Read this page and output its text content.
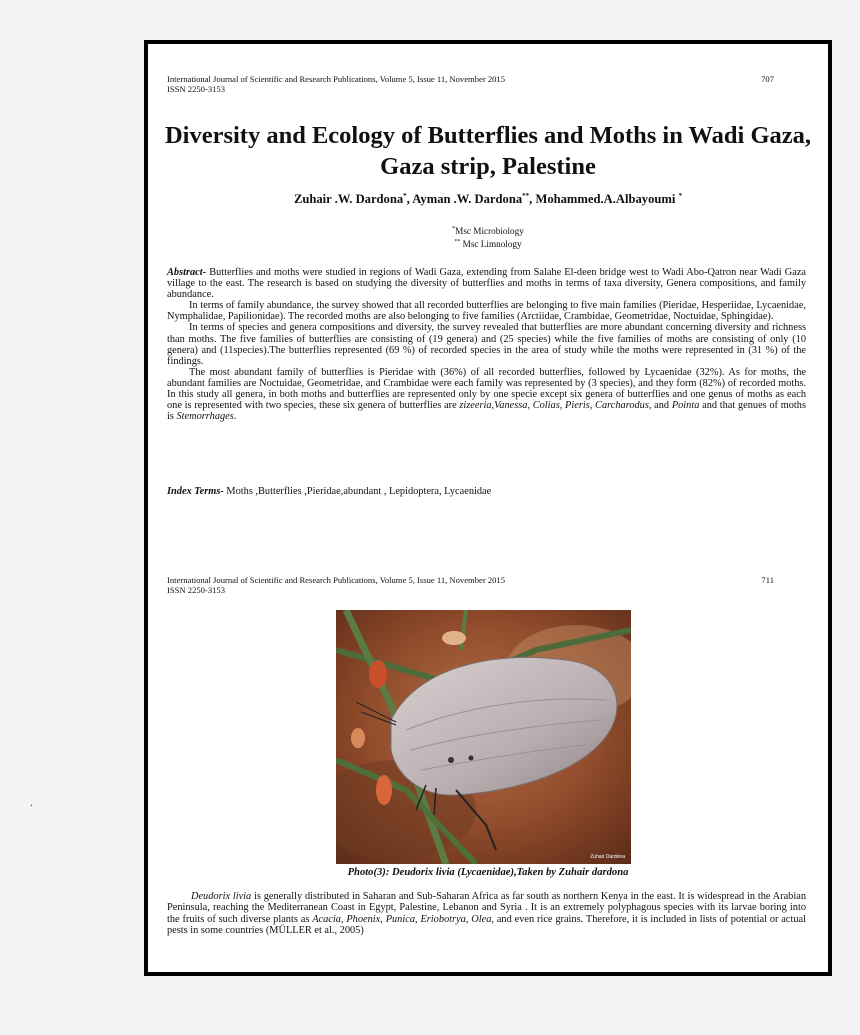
.
International Journal of Scientific and Research Publications, Volume 5, Issue 11, November 2015
ISSN 2250-3153
707
Diversity and Ecology of Butterflies and Moths in Wadi Gaza, Gaza strip, Palestine
Zuhair .W. Dardona*, Ayman .W. Dardona**, Mohammed.A.Albayoumi *
*Msc Microbiology
** Msc Limnology

Abstract- Butterflies and moths were studied in regions of Wadi Gaza, extending from Salahe El-deen bridge west to Wadi Abo-Qatron near Wadi Gaza village to the east. The research is based on studying the diversity of butterflies and moths in terms of taxa diversity, Genera compositions, and family abundance.

In terms of family abundance, the survey showed that all recorded butterflies are belonging to five main families (Pieridae, Hesperiidae, Lycaenidae, Nymphalidae, Papilionidae). The recorded moths are also belonging to five families (Arctiidae, Crambidae, Geometridae, Noctuidae, Sphingidae).

In terms of species and genera compositions and diversity, the survey revealed that butterflies are more abundant concerning diversity and richness than moths. The five families of butterflies are consisting of (19 genera) and (25 species) while the five families of moths are consisting of only (10 genera) and (11species).The butterflies represented (69 %) of recorded species in the area of study while the moths were represented in (31 %) of the findings.

The most abundant family of butterflies is Pieridae with (36%) of all recorded butterflies, followed by Lycaenidae (32%). As for moths, the abundant families are Noctuidae, Geometridae, and Crambidae were each family was represented by (3 species), and they form (82%) of recorded moths. In this study all genera, in both moths and butterflies are represented only by one specie except six genera of butterflies and one genus of moths as each one is represented with two species, these six genera of butterflies are zizeeria,Vanessa, Colias, Pieris, Carcharodus, and Pointa and that genues of moths is Stemorrhages.

Index Terms- Moths ,Butterflies ,Pieridae,abundant , Lepidoptera, Lycaenidae
International Journal of Scientific and Research Publications, Volume 5, Issue 11, November 2015
ISSN 2250-3153
711
Zuhair Dardona
Photo(3): Deudorix livia (Lycaenidae),Taken by Zuhair dardona
Deudorix livia is generally distributed in Saharan and Sub-Saharan Africa as far south as northern Kenya in the east. It is widespread in the Arabian Peninsula, reaching the Mediterranean Coast in Egypt, Palestine, Lebanon and Syria . It is an extremely polyphagous species with its larvae boring into the fruits of such diverse plants as Acacia, Phoenix, Punica, Eriobotrya, Olea, and even rice grains. Therefore, it is included in lists of potential or actual pests in some countries (MÜLLER et al., 2005)
